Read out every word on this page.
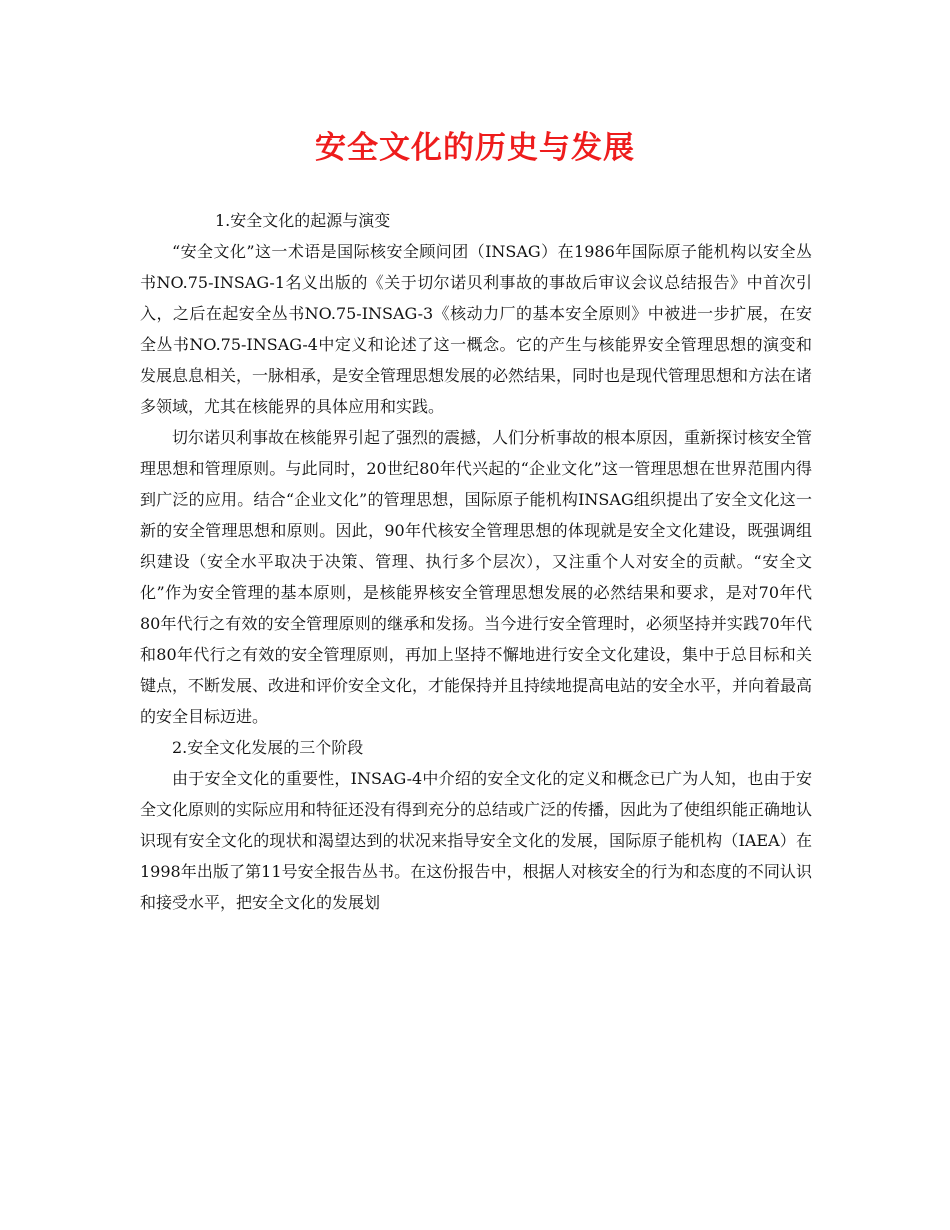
安全文化的历史与发展

1.安全文化的起源与演变

“安全文化”这一术语是国际核安全顾问团（INSAG）在1986年国际原子能机构以安全丛书NO.75-INSAG-1名义出版的《关于切尔诺贝利事故的事故后审议会议总结报告》中首次引入，之后在起安全丛书NO.75-INSAG-3《核动力厂的基本安全原则》中被进一步扩展，在安全丛书NO.75-INSAG-4中定义和论述了这一概念。它的产生与核能界安全管理思想的演变和发展息息相关，一脉相承，是安全管理思想发展的必然结果，同时也是现代管理思想和方法在诸多领域，尤其在核能界的具体应用和实践。

切尔诺贝利事故在核能界引起了强烈的震撼，人们分析事故的根本原因，重新探讨核安全管理思想和管理原则。与此同时，20世纪80年代兴起的“企业文化”这一管理思想在世界范围内得到广泛的应用。结合“企业文化”的管理思想，国际原子能机构INSAG组织提出了安全文化这一新的安全管理思想和原则。因此，90年代核安全管理思想的体现就是安全文化建设，既强调组织建设（安全水平取决于决策、管理、执行多个层次），又注重个人对安全的贡献。“安全文化”作为安全管理的基本原则，是核能界核安全管理思想发展的必然结果和要求，是对70年代80年代行之有效的安全管理原则的继承和发扬。当今进行安全管理时，必须坚持并实践70年代和80年代行之有效的安全管理原则，再加上坚持不懈地进行安全文化建设，集中于总目标和关键点，不断发展、改进和评价安全文化，才能保持并且持续地提高电站的安全水平，并向着最高的安全目标迈进。

2.安全文化发展的三个阶段

由于安全文化的重要性，INSAG-4中介绍的安全文化的定义和概念已广为人知，也由于安全文化原则的实际应用和特征还没有得到充分的总结或广泛的传播，因此为了使组织能正确地认识现有安全文化的现状和渴望达到的状况来指导安全文化的发展，国际原子能机构（IAEA）在1998年出版了第11号安全报告丛书。在这份报告中，根据人对核安全的行为和态度的不同认识和接受水平，把安全文化的发展划
